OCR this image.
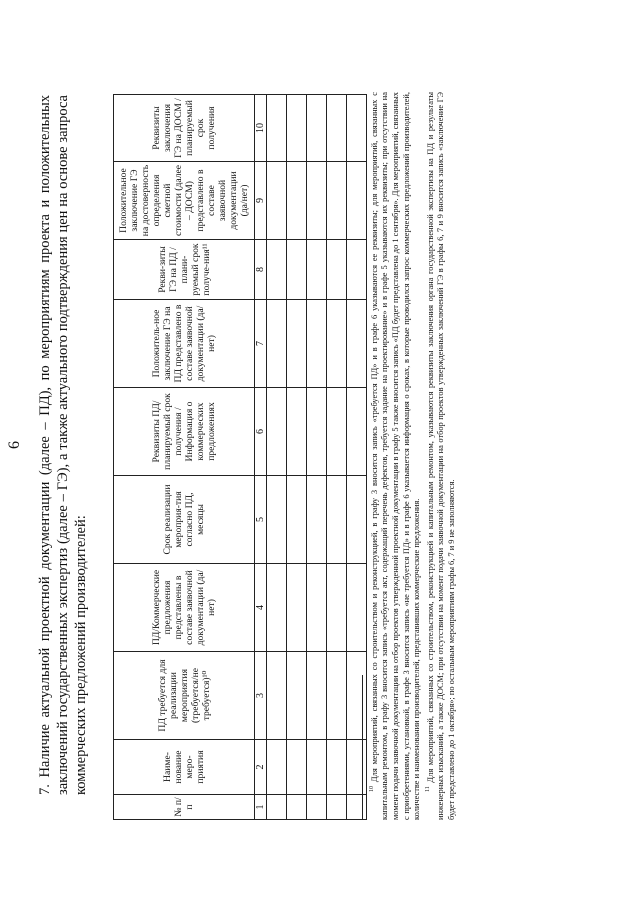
6 7. Наличие актуальной проектной документации (далее – ПД), по мероприятиям проекта и положительных заключений государственных экспертиз (далее – ГЭ), а также актуального подтверждения цен на основе запроса коммерческих предложений производителей:
№ п/п	Наиме-нование меро-приятия	ПД требуется для реализации мероприятия (требуется/не требуется)¹⁰	ПД/Коммерческие предложения представлены в составе заявочной документации (да/нет)	Срок реализации мероприя-тия согласно ПД, месяцы	Реквизиты ПД/планируемый срок получения / Информация о коммерческих предложениях	Положитель-ное заключение ГЭ на ПД представлено в составе заявочной документации (да/нет)	Рекви-зиты ГЭ на ПД / плани-руемый срок получе-ния¹¹	Положительное заключение ГЭ на достоверность определения сметной стоимости (далее – ДОСМ) представлено в составе заявочной документации (да/нет)	Реквизиты заключения ГЭ на ДОСМ / планируемый срок получения
1	2	3	4	5	6	7	8	9	10

$^{10}$ Для мероприятий, связанных со строительством и реконструкцией, в графу 3 вносится запись «требуется ПД» и в графе 6 указываются ее реквизиты; для мероприятий, связанных с капитальным ремонтом, в графу 3 вносится запись «требуется акт, содержащий перечень дефектов, требуется задание на проектирование» и в графе 5 указываются их реквизиты; при отсутствии на момент подачи заявочной документации на отбор проектов утвержденной проектной документации в графу 5 также вносится запись «ПД будет представлена до 1 сентября». Для мероприятий, связанных с приобретениями, установкой, в графе 3 вносится запись «не требуется ПД» и в графе 6 указывается информация о сроках, в которые проводился запрос коммерческих предложений производителей, количестве и наименовании производителей, представивших коммерческие предложения. $^{11}$ Для мероприятий, связанных со строительством, реконструкцией и капитальным ремонтом, указываются реквизиты заключения органа государственной экспертизы на ПД и результаты инженерных изысканий, а также ДОСМ; при отсутствии на момент подачи заявочной документации на отбор проектов утвержденных заключений ГЭ в графы 6, 7 и 9 вносится запись «заключение ГЭ будет представлено до 1 октября»; по остальным мероприятиям графы 6, 7 и 9 не заполняются.
